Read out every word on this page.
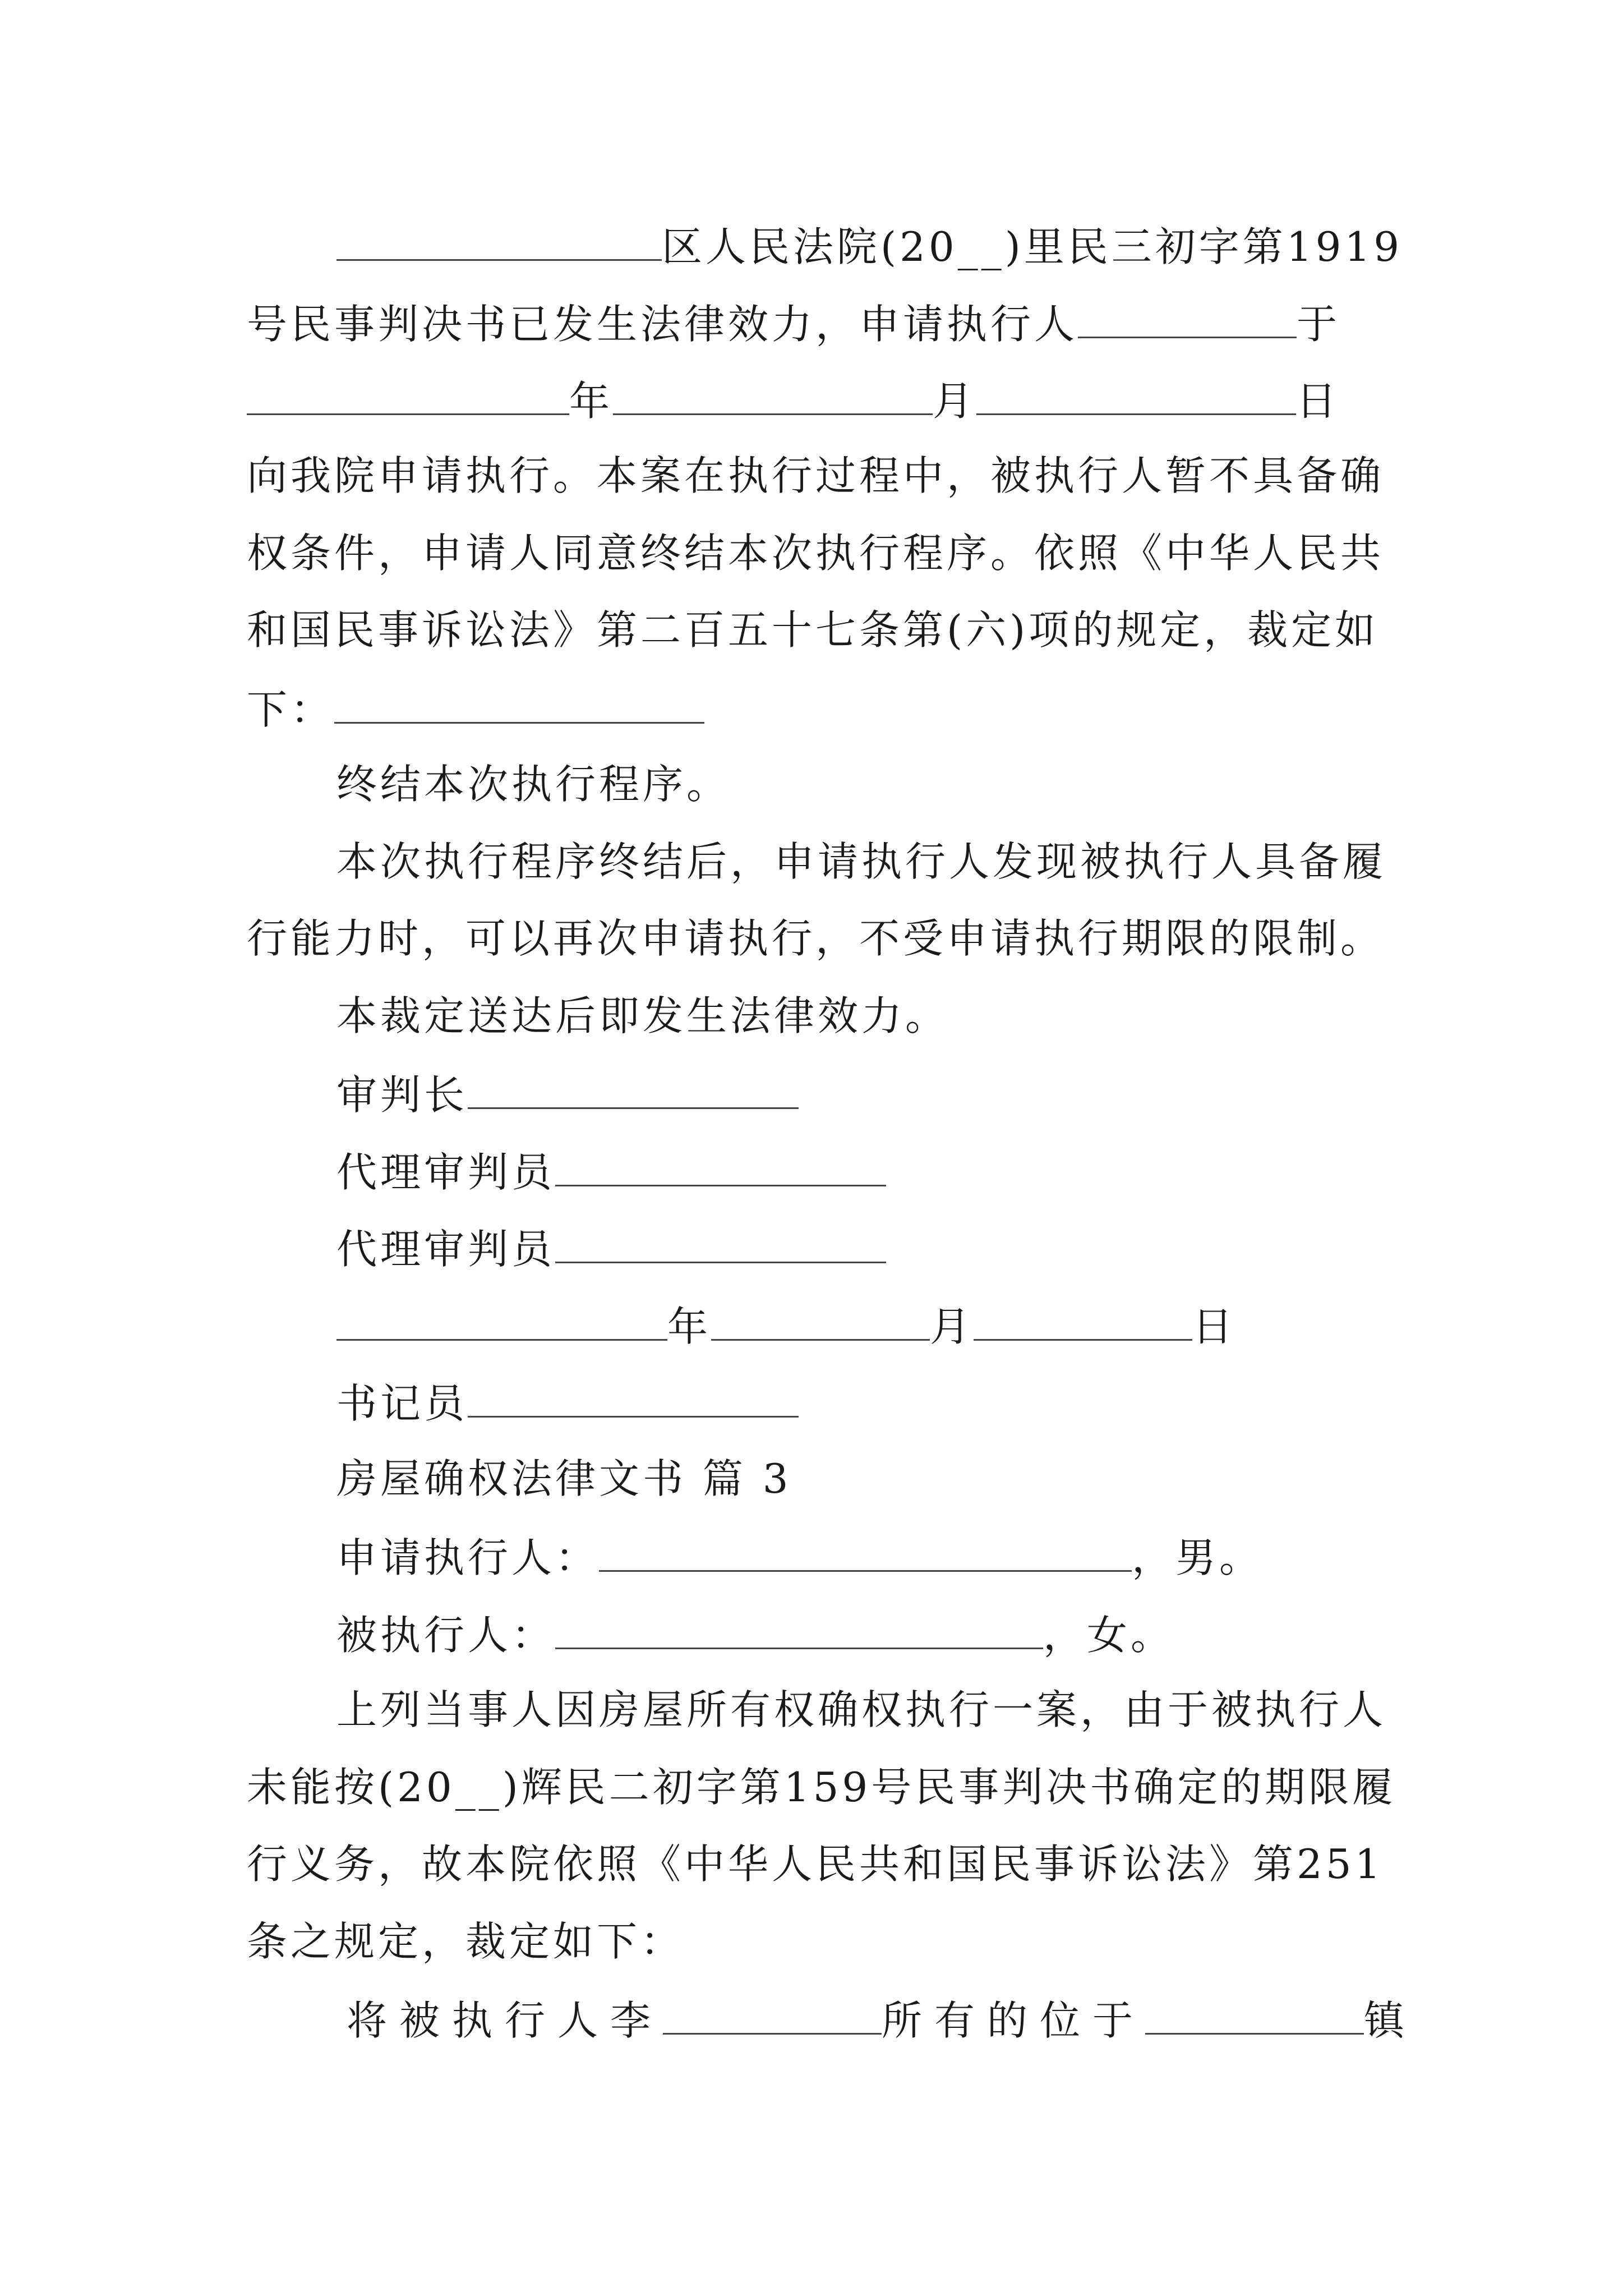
区人民法院(20__)里民三初字第1919
号民事判决书已发生法律效力，申请执行人	于
年	月	日
向我院申请执行。本案在执行过程中，被执行人暂不具备确
权条件，申请人同意终结本次执行程序。依照《中华人民共
和国民事诉讼法》第二百五十七条第(六)项的规定，裁定如
下：
终结本次执行程序。
本次执行程序终结后，申请执行人发现被执行人具备履
行能力时，可以再次申请执行，不受申请执行期限的限制。
本裁定送达后即发生法律效力。
审判长
代理审判员
代理审判员
年	月	日
书记员
房屋确权法律文书 篇 3
申请执行人：	，男。
被执行人：	，女。
上列当事人因房屋所有权确权执行一案，由于被执行人
未能按(20__)辉民二初字第159号民事判决书确定的期限履
行义务，故本院依照《中华人民共和国民事诉讼法》第251
条之规定，裁定如下：
将被执行人李	所有的位于	镇
